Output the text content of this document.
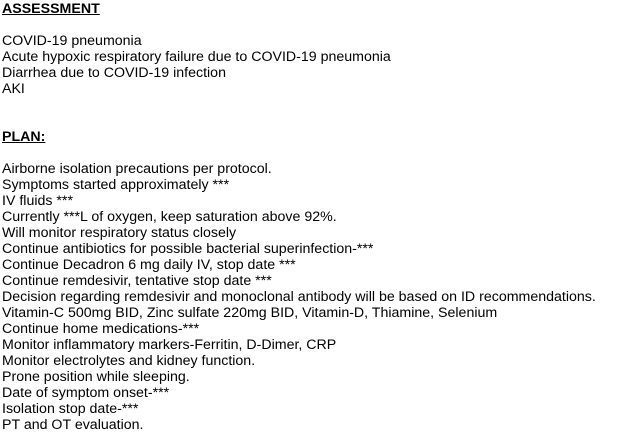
ASSESSMENT
COVID-19 pneumonia
Acute hypoxic respiratory failure due to COVID-19 pneumonia
Diarrhea due to COVID-19 infection
AKI
PLAN:
Airborne isolation precautions per protocol.
Symptoms started approximately ***
IV fluids ***
Currently ***L of oxygen, keep saturation above 92%.
Will monitor respiratory status closely
Continue antibiotics for possible bacterial superinfection-***
Continue Decadron 6 mg daily IV, stop date ***
Continue remdesivir, tentative stop date ***
Decision regarding remdesivir and monoclonal antibody will be based on ID recommendations.
Vitamin-C 500mg BID, Zinc sulfate 220mg BID, Vitamin-D, Thiamine, Selenium
Continue home medications-***
Monitor inflammatory markers-Ferritin, D-Dimer, CRP
Monitor electrolytes and kidney function.
Prone position while sleeping.
Date of symptom onset-***
Isolation stop date-***
PT and OT evaluation.
